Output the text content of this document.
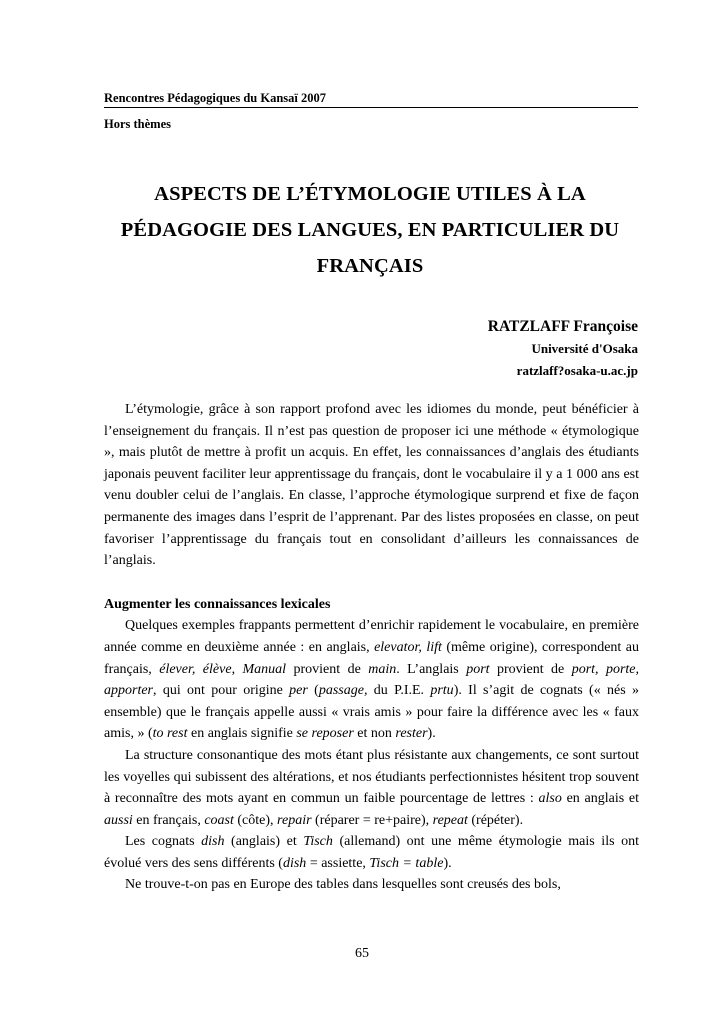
Rencontres Pédagogiques du Kansaï 2007
Hors thèmes
ASPECTS DE L’ÉTYMOLOGIE UTILES À LA PÉDAGOGIE DES LANGUES, EN PARTICULIER DU FRANÇAIS
RATZLAFF Françoise
Université d'Osaka
ratzlaff?osaka-u.ac.jp

L’étymologie, grâce à son rapport profond avec les idiomes du monde, peut bénéficier à l’enseignement du français. Il n’est pas question de proposer ici une méthode « étymologique », mais plutôt de mettre à profit un acquis. En effet, les connaissances d’anglais des étudiants japonais peuvent faciliter leur apprentissage du français, dont le vocabulaire il y a 1 000 ans est venu doubler celui de l’anglais. En classe, l’approche étymologique surprend et fixe de façon permanente des images dans l’esprit de l’apprenant. Par des listes proposées en classe, on peut favoriser l’apprentissage du français tout en consolidant d’ailleurs les connaissances de l’anglais.

Augmenter les connaissances lexicales

Quelques exemples frappants permettent d’enrichir rapidement le vocabulaire, en première année comme en deuxième année : en anglais, elevator, lift (même origine), correspondent au français, élever, élève, Manual provient de main. L’anglais port provient de port, porte, apporter, qui ont pour origine per (passage, du P.I.E. prtu). Il s’agit de cognats (« nés » ensemble) que le français appelle aussi « vrais amis » pour faire la différence avec les « faux amis, » (to rest en anglais signifie se reposer et non rester).

La structure consonantique des mots étant plus résistante aux changements, ce sont surtout les voyelles qui subissent des altérations, et nos étudiants perfectionnistes hésitent trop souvent à reconnaître des mots ayant en commun un faible pourcentage de lettres : also en anglais et aussi en français, coast (côte), repair (réparer = re+paire), repeat (répéter).

Les cognats dish (anglais) et Tisch (allemand) ont une même étymologie mais ils ont évolué vers des sens différents (dish = assiette, Tisch = table).

Ne trouve-t-on pas en Europe des tables dans lesquelles sont creusés des bols,

65
